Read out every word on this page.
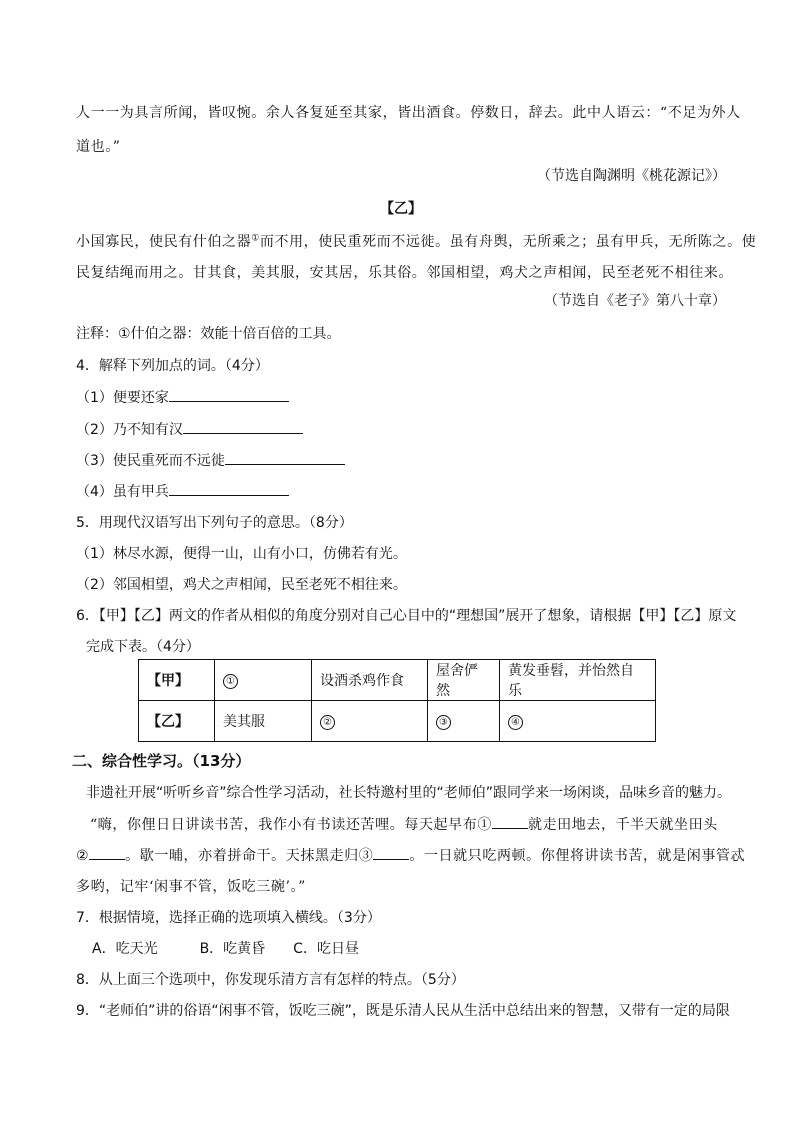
人一一为具言所闻，皆叹惋。余人各复延至其家，皆出酒食。停数日，辞去。此中人语云：“不足为外人
道也。”
（节选自陶渊明《桃花源记》）
【乙】
小国寡民，使民有什伯之器①而不用，使民重死而不远徙。虽有舟舆，无所乘之；虽有甲兵，无所陈之。使
民复结绳而用之。甘其食，美其服，安其居，乐其俗。邻国相望，鸡犬之声相闻，民至老死不相往来。
（节选自《老子》第八十章）
注释：①什伯之器：效能十倍百倍的工具。
4．解释下列加点的词。（4分）
（1）便要还家
（2）乃不知有汉
（3）使民重死而不远徙
（4）虽有甲兵
5．用现代汉语写出下列句子的意思。（8分）
（1）林尽水源，便得一山，山有小口，仿佛若有光。
（2）邻国相望，鸡犬之声相闻，民至老死不相往来。
6．【甲】【乙】两文的作者从相似的角度分别对自己心目中的“理想国”展开了想象，请根据【甲】【乙】原文
完成下表。（4分）
【甲】	①	设酒杀鸡作食	屋舍俨然	黄发垂髫，并怡然自乐
【乙】	美其服	②	③	④
二、综合性学习。（13分）
非遗社开展“听听乡音”综合性学习活动，社长特邀村里的“老师伯”跟同学来一场闲谈，品味乡音的魅力。
“嗨，你俚日日讲读书苦，我作小有书读还苦哩。每天起早布①	就走田地去，千半天就坐田头
②	。歇一晡，亦着拼命干。天抹黑走归③	。一日就只吃两顿。你俚将讲读书苦，就是闲事管忒
多哟，记牢‘闲事不管，饭吃三碗’。”
7．根据情境，选择正确的选项填入横线。（3分）
A．吃天光　　　B．吃黄昏　　C．吃日昼
8．从上面三个选项中，你发现乐清方言有怎样的特点。（5分）
9．“老师伯”讲的俗语“闲事不管，饭吃三碗”，既是乐清人民从生活中总结出来的智慧，又带有一定的局限
